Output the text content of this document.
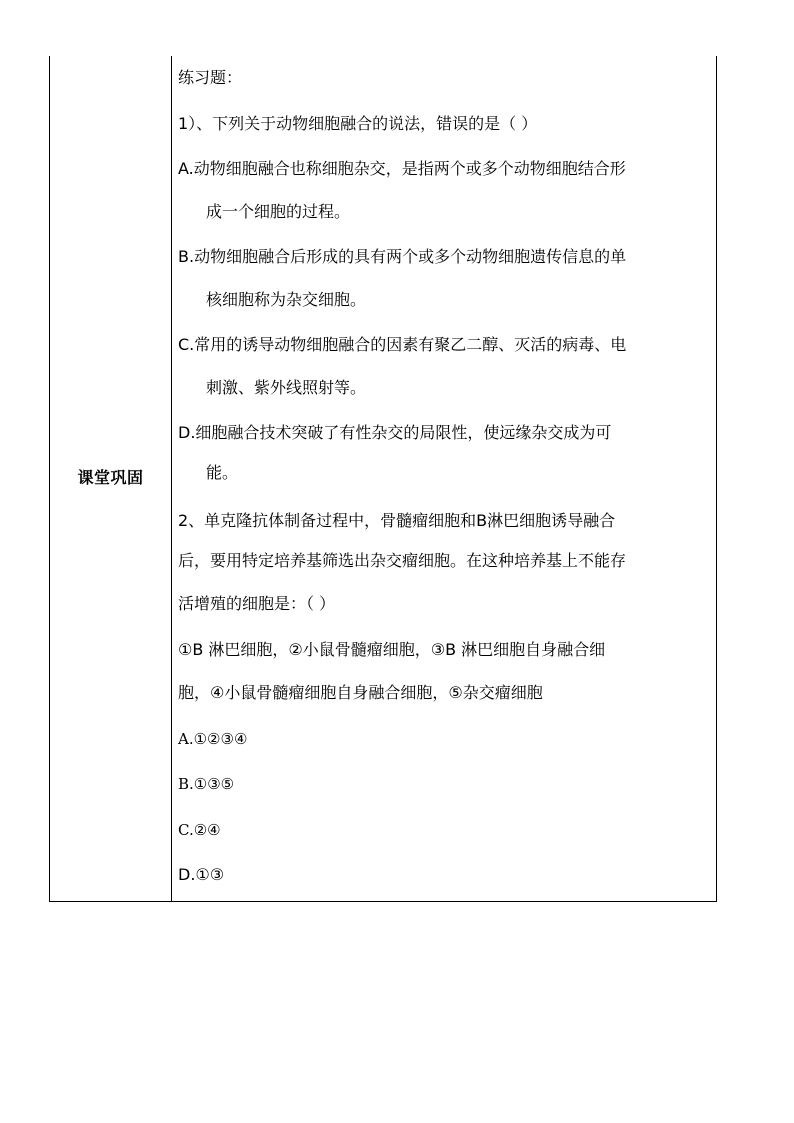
课堂巩固
练习题：
1）、下列关于动物细胞融合的说法，错误的是（ ）
A.动物细胞融合也称细胞杂交，是指两个或多个动物细胞结合形
成一个细胞的过程。
B.动物细胞融合后形成的具有两个或多个动物细胞遗传信息的单
核细胞称为杂交细胞。
C.常用的诱导动物细胞融合的因素有聚乙二醇、灭活的病毒、电
刺激、紫外线照射等。
D.细胞融合技术突破了有性杂交的局限性，使远缘杂交成为可
能。
2、单克隆抗体制备过程中，骨髓瘤细胞和B淋巴细胞诱导融合
后，要用特定培养基筛选出杂交瘤细胞。在这种培养基上不能存
活增殖的细胞是：（ ）
①B 淋巴细胞，②小鼠骨髓瘤细胞，③B 淋巴细胞自身融合细
胞，④小鼠骨髓瘤细胞自身融合细胞，⑤杂交瘤细胞
A.①②③④
B.①③⑤
C.②④
D.①③
